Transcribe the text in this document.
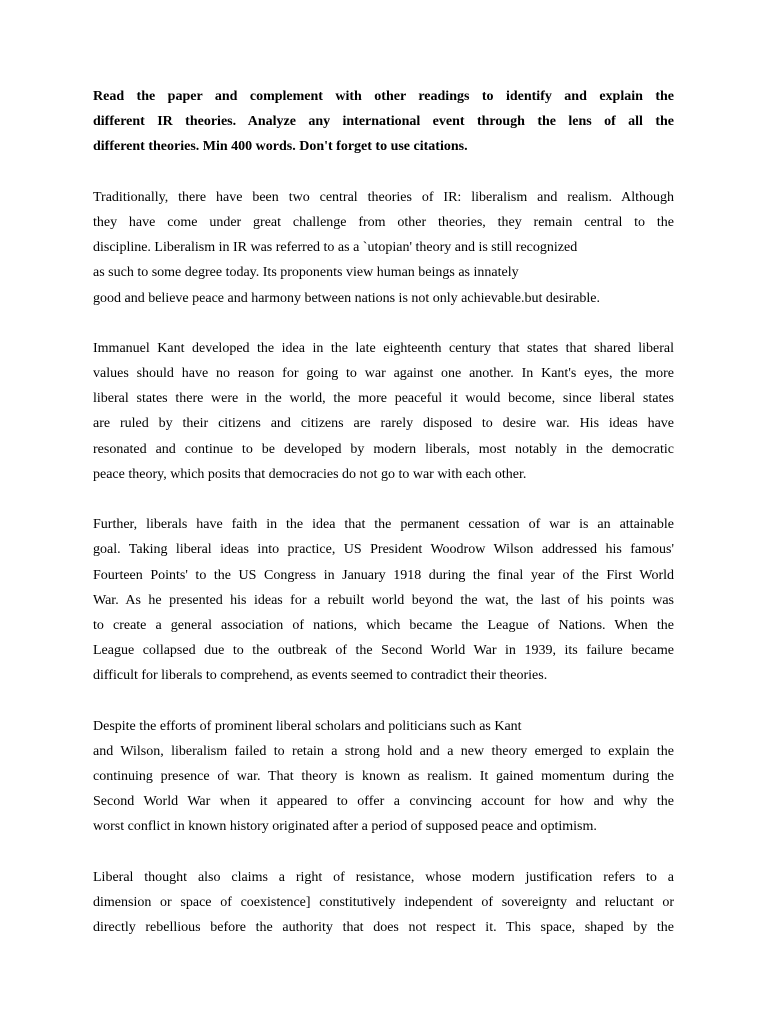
Read the paper and complement with other readings to identify and explain the
different IR theories. Analyze any international event through the lens of all the
different theories. Min 400 words. Don't forget to use citations.

Traditionally, there have been two central theories of IR: liberalism and realism. Although
they have come under great challenge from other theories, they remain central to the
discipline. Liberalism in IR was referred to as a `utopian' theory and is still recognized
as such to some degree today. Its proponents view human beings as innately
good and believe peace and harmony between nations is not only achievable.but desirable.

Immanuel Kant developed the idea in the late eighteenth century that states that shared liberal
values should have no reason for going to war against one another. In Kant's eyes, the more
liberal states there were in the world, the more peaceful it would become, since liberal states
are ruled by their citizens and citizens are rarely disposed to desire war. His ideas have
resonated and continue to be developed by modern liberals, most notably in the democratic
peace theory, which posits that democracies do not go to war with each other.

Further, liberals have faith in the idea that the permanent cessation of war is an attainable
goal. Taking liberal ideas into practice, US President Woodrow Wilson addressed his famous'
Fourteen Points' to the US Congress in January 1918 during the final year of the First World
War. As he presented his ideas for a rebuilt world beyond the wat, the last of his points was
to create a general association of nations, which became the League of Nations. When the
League collapsed due to the outbreak of the Second World War in 1939, its failure became
difficult for liberals to comprehend, as events seemed to contradict their theories.

Despite the efforts of prominent liberal scholars and politicians such as Kant
and Wilson, liberalism failed to retain a strong hold and a new theory emerged to explain the
continuing presence of war. That theory is known as realism. It gained momentum during the
Second World War when it appeared to offer a convincing account for how and why the
worst conflict in known history originated after a period of supposed peace and optimism.

Liberal thought also claims a right of resistance, whose modern justification refers to a
dimension or space of coexistence] constitutively independent of sovereignty and reluctant or
directly rebellious before the authority that does not respect it. This space, shaped by the
